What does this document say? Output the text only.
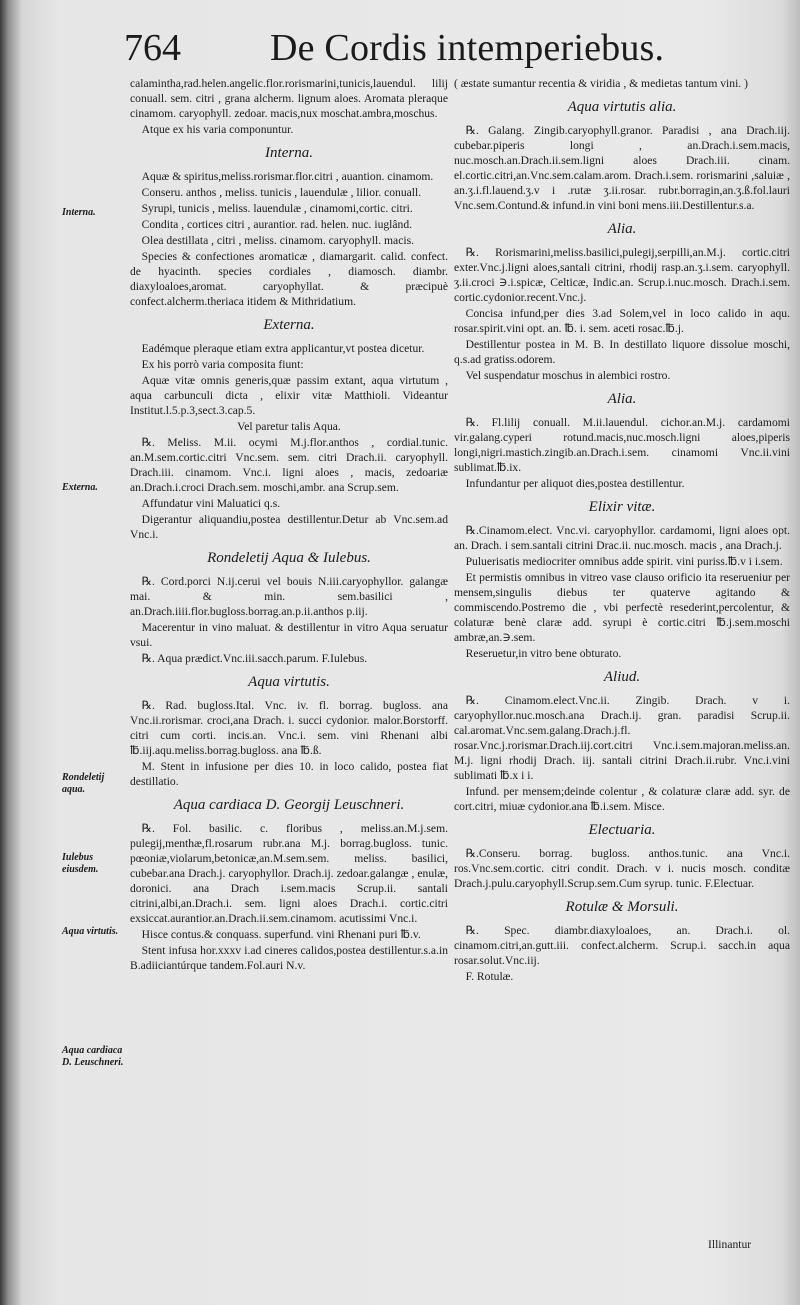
764 De Cordis intemperiebus.
Interna.
Externa.
Rondeletij aqua.
Iulebus eiusdem.
Aqua virtutis.
Aqua cardiaca D. Leuschneri.

calamintha,rad.helen.angelic.flor.rorismarini,tunicis,lauendul. lilij conuall. sem. citri , grana alcherm. lignum aloes. Aromata pleraque cinamom. caryophyll. zedoar. macis,nux moschat.ambra,moschus.

Atque ex his varia componuntur.

Interna.

Aquæ & spiritus,meliss.rorismar.flor.citri , auantion. cinamom.

Conseru. anthos , meliss. tunicis , lauendulæ , lilior. conuall.

Syrupi, tunicis , meliss. lauendulæ , cinamomi,cortic. citri.

Condita , cortices citri , aurantior. rad. helen. nuc. iuglând.

Olea destillata , citri , meliss. cinamom. caryophyll. macis.

Species & confectiones aromaticæ , diamargarit. calid. confect. de hyacinth. species cordiales , diamosch. diambr. diaxyloaloes,aromat. caryophyllat. & præcipuè confect.alcherm.theriaca itidem & Mithridatium.

Externa.

Eadémque pleraque etiam extra applicantur,vt postea dicetur.

Ex his porrò varia composita fiunt:

Aquæ vitæ omnis generis,quæ passim extant, aqua virtutum , aqua carbunculi dicta , elixir vitæ Matthioli. Videantur Institut.l.5.p.3,sect.3.cap.5.

Vel paretur talis Aqua.

℞. Meliss. M.ii. ocymi M.j.flor.anthos , cordial.tunic. an.M.sem.cortic.citri Vnc.sem. sem. citri Drach.ii. caryophyll. Drach.iii. cinamom. Vnc.i. ligni aloes , macis, zedoariæ an.Drach.i.croci Drach.sem. moschi,ambr. ana Scrup.sem.

Affundatur vini Maluatici q.s.

Digerantur aliquandiu,postea destillentur.Detur ab Vnc.sem.ad Vnc.i.

Rondeletij Aqua & Iulebus.

℞. Cord.porci N.ij.cerui vel bouis N.iii.caryophyllor. galangæ mai. & min. sem.basilici , an.Drach.iiii.flor.bugloss.borrag.an.p.ii.anthos p.iij.

Macerentur in vino maluat. & destillentur in vitro Aqua seruatur vsui.

℞. Aqua prædict.Vnc.iii.sacch.parum. F.Iulebus.

Aqua virtutis.

℞. Rad. bugloss.Ital. Vnc. iv. fl. borrag. bugloss. ana Vnc.ii.rorismar. croci,ana Drach. i. succi cydonior. malor.Borstorff. citri cum corti. incis.an. Vnc.i. sem. vini Rhenani albi ℔.iij.aqu.meliss.borrag.bugloss. ana ℔.ß.

M. Stent in infusione per dies 10. in loco calido, postea fiat destillatio.

Aqua cardiaca D. Georgij Leuschneri.

℞. Fol. basilic. c. floribus , meliss.an.M.j.sem. pulegij,menthæ,fl.rosarum rubr.ana M.j. borrag.bugloss. tunic. pœoniæ,violarum,betonicæ,an.M.sem.sem. meliss. basilici, cubebar.ana Drach.j. caryophyllor. Drach.ij. zedoar.galangæ , enulæ, doronici. ana Drach i.sem.macis Scrup.ii. santali citrini,albi,an.Drach.i. sem. ligni aloes Drach.i. cortic.citri exsiccat.aurantior.an.Drach.ii.sem.cinamom. acutissimi Vnc.i.

Hisce contus.& conquass. superfund. vini Rhenani puri ℔.v.

Stent infusa hor.xxxv i.ad cineres calidos,postea destillentur.s.a.in B.adiiciantúrque tandem.Fol.auri N.v.

( æstate sumantur recentia & viridia , & medietas tantum vini. )

Aqua virtutis alia.

℞. Galang. Zingib.caryophyll.granor. Paradisi , ana Drach.iij. cubebar.piperis longi , an.Drach.i.sem.macis, nuc.mosch.an.Drach.ii.sem.ligni aloes Drach.iii. cinam. el.cortic.citri,an.Vnc.sem.calam.arom. Drach.i.sem. rorismarini ,saluiæ , an.ʒ.i.fl.lauend.ʒ.v i .rutæ ʒ.ii.rosar. rubr.borragin,an.ʒ.ß.fol.lauri Vnc.sem.Contund.& infund.in vini boni mens.iii.Destillentur.s.a.

Alia.

℞. Rorismarini,meliss.basilici,pulegij,serpilli,an.M.j. cortic.citri exter.Vnc.j.ligni aloes,santali citrini, rhodij rasp.an.ʒ.i.sem. caryophyll. ʒ.ii.croci ∋.i.spicæ, Celticæ, Indic.an. Scrup.i.nuc.mosch. Drach.i.sem. cortic.cydonior.recent.Vnc.j.

Concisa infund,per dies 3.ad Solem,vel in loco calido in aqu. rosar.spirit.vini opt. an. ℔. i. sem. aceti rosac.℔.j.

Destillentur postea in M. B. In destillato liquore dissolue moschi, q.s.ad gratiss.odorem.

Vel suspendatur moschus in alembici rostro.

Alia.

℞. Fl.lilij conuall. M.ii.lauendul. cichor.an.M.j. cardamomi vir.galang.cyperi rotund.macis,nuc.mosch.ligni aloes,piperis longi,nigri.mastich.zingib.an.Drach.i.sem. cinamomi Vnc.ii.vini sublimat.℔.ix.

Infundantur per aliquot dies,postea destillentur.

Elixir vitæ.

℞.Cinamom.elect. Vnc.vi. caryophyllor. cardamomi, ligni aloes opt. an. Drach. i sem.santali citrini Drac.ii. nuc.mosch. macis , ana Drach.j.

Puluerisatis mediocriter omnibus adde spirit. vini puriss.℔.v i i.sem.

Et permistis omnibus in vitreo vase clauso orificio ita reserueniur per mensem,singulis diebus ter quaterve agitando & commiscendo.Postremo die , vbi perfectè resederint,percolentur, & colaturæ benè claræ add. syrupi è cortic.citri ℔.j.sem.moschi ambræ,an.∋.sem.

Reseruetur,in vitro bene obturato.

Aliud.

℞. Cinamom.elect.Vnc.ii. Zingib. Drach. v i. caryophyllor.nuc.mosch.ana Drach.ij. gran. paradisi Scrup.ii. cal.aromat.Vnc.sem.galang.Drach.j.fl. rosar.Vnc.j.rorismar.Drach.iij.cort.citri Vnc.i.sem.majoran.meliss.an. M.j. ligni rhodij Drach. iij. santali citrini Drach.ii.rubr. Vnc.i.vini sublimati ℔.x i i.

Infund. per mensem;deinde colentur , & colaturæ claræ add. syr. de cort.citri, miuæ cydonior.ana ℔.i.sem. Misce.

Electuaria.

℞.Conseru. borrag. bugloss. anthos.tunic. ana Vnc.i. ros.Vnc.sem.cortic. citri condit. Drach. v i. nucis mosch. conditæ Drach.j.pulu.caryophyll.Scrup.sem.Cum syrup. tunic. F.Electuar.

Rotulæ & Morsuli.

℞. Spec. diambr.diaxyloaloes, an. Drach.i. ol. cinamom.citri,an.gutt.iii. confect.alcherm. Scrup.i. sacch.in aqua rosar.solut.Vnc.iij.

F. Rotulæ.

Illinantur
